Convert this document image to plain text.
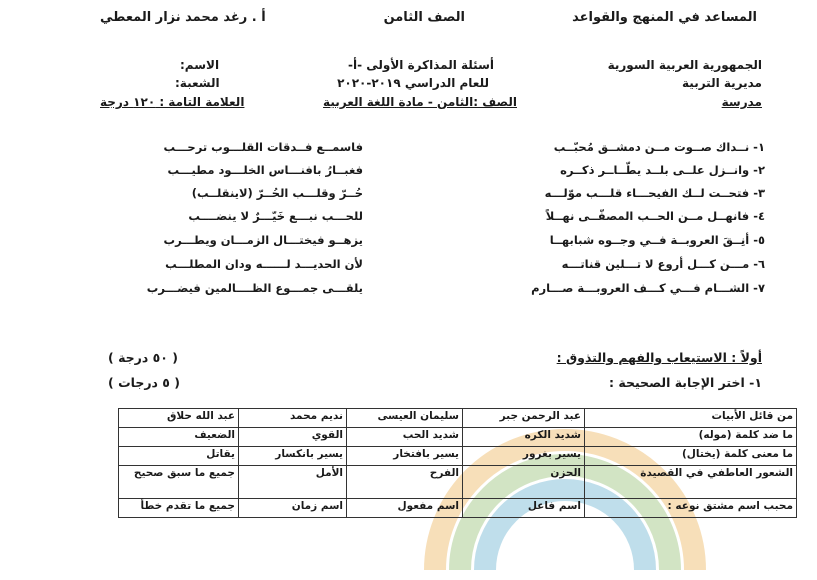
المساعد في المنهج والقواعد
الصف الثامن
أ . رغد محمد نزار المعطي
الجمهورية العربية السورية
مديرية التربية
مدرسة
أسئلة المذاكرة الأولى -أ-
للعام الدراسي ٢٠١٩-٢٠٢٠
الصف :الثامن - مادة اللغة العربية
الاسم:
الشعبة:
العلامة التامة : ١٢٠ درجة
١- نــداك صــوت مــن دمشــق مُحبّــب
فاسمــع فــدقات القلـــوب ترحـــب
٢- وانــزل علــى بلــد يطّــاــر ذكــره
فغبــارُ بافنـــاس الخلـــود مطيـــب
٣- فتحــت لــك الفيحـــاء قلـــب موّلـــه
حُــرّ وقلـــب الحُــرّ (لاينقلــب)
٤- فانهــل مــن الحــب المصفّــى نهــلاً
للحـــب نبـــع خَيّـــرٌ لا ينضــــب
٥- أنِــقَ العروبــة فــي وجــوه شبابهــا
يزهــو فيختـــال الزمـــان ويطـــرب
٦- مـــن كـــل أروع لا تـــلين قناتـــه
لأن الحديـــد لــــــه ودان المطلـــب
٧- الشـــام فـــي كـــف العروبـــة صـــارم
يلقـــى جمـــوع الظــــالمين فيضـــرب
أولاً : الاستيعاب والفهم والتذوق :
( ٥٠ درجة )
١- اختر الإجابة الصحيحة :
( ٥ درجات )
من قائل الأبيات	عبد الرحمن جبر	سليمان العيسى	نديم محمد	عبد الله حلاق
ما ضد كلمة (موله)	شديد الكره	شديد الحب	القوي	الضعيف
ما معنى كلمة (يختال)	يسير بغرور	يسير بافتخار	يسير بانكسار	يقاتل
الشعور العاطفي في القصيدة	الحزن	الفرح	الأمل	جميع ما سبق صحيح
محبب اسم مشتق نوعه :	اسم فاعل	اسم مفعول	اسم زمان	جميع ما تقدم خطأ
